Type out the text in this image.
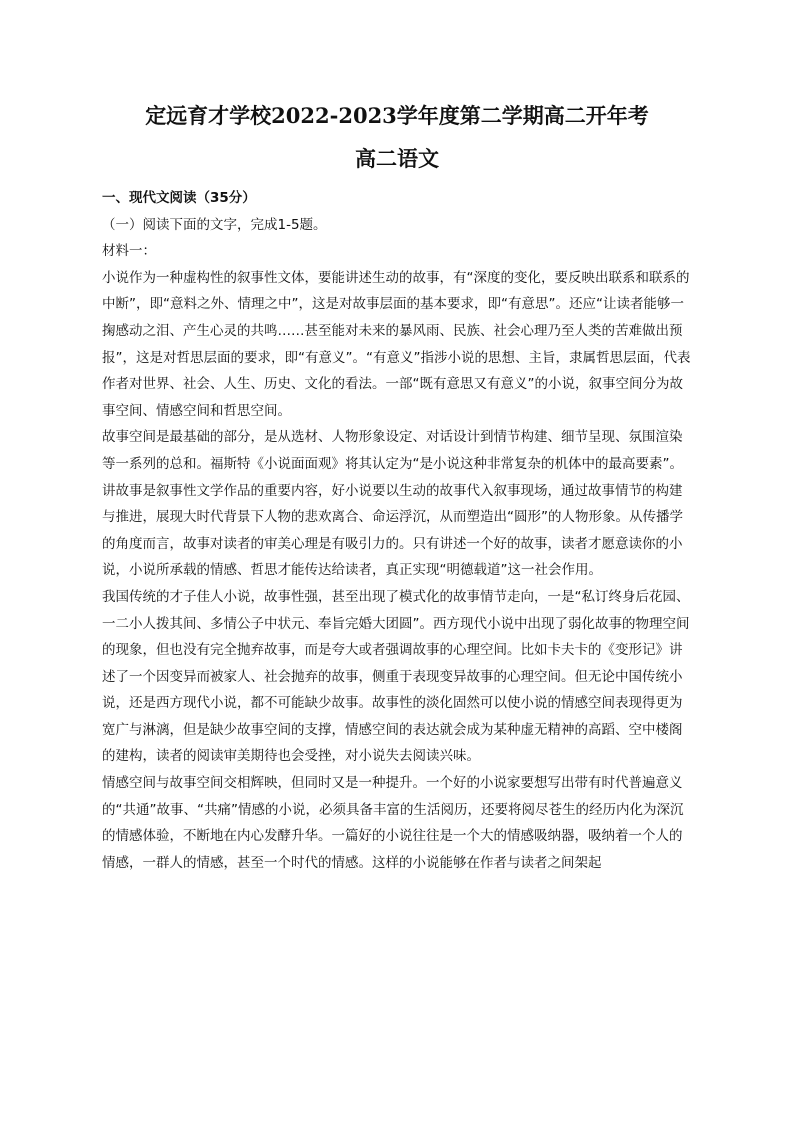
定远育才学校2022-2023学年度第二学期高二开年考
高二语文

一、现代文阅读（35分）

（一）阅读下面的文字，完成1-5题。

材料一：

小说作为一种虚构性的叙事性文体，要能讲述生动的故事，有“深度的变化，要反映出联系和联系的中断”，即“意料之外、情理之中”，这是对故事层面的基本要求，即“有意思”。还应“让读者能够一掬感动之泪、产生心灵的共鸣……甚至能对未来的暴风雨、民族、社会心理乃至人类的苦难做出预报”，这是对哲思层面的要求，即“有意义”。“有意义”指涉小说的思想、主旨，隶属哲思层面，代表作者对世界、社会、人生、历史、文化的看法。一部“既有意思又有意义”的小说，叙事空间分为故事空间、情感空间和哲思空间。

故事空间是最基础的部分，是从选材、人物形象设定、对话设计到情节构建、细节呈现、氛围渲染等一系列的总和。福斯特《小说面面观》将其认定为“是小说这种非常复杂的机体中的最高要素”。讲故事是叙事性文学作品的重要内容，好小说要以生动的故事代入叙事现场，通过故事情节的构建与推进，展现大时代背景下人物的悲欢离合、命运浮沉，从而塑造出“圆形”的人物形象。从传播学的角度而言，故事对读者的审美心理是有吸引力的。只有讲述一个好的故事，读者才愿意读你的小说，小说所承载的情感、哲思才能传达给读者，真正实现“明德载道”这一社会作用。

我国传统的才子佳人小说，故事性强，甚至出现了模式化的故事情节走向，一是“私订终身后花园、一二小人拨其间、多情公子中状元、奉旨完婚大团圆”。西方现代小说中出现了弱化故事的物理空间的现象，但也没有完全抛弃故事，而是夸大或者强调故事的心理空间。比如卡夫卡的《变形记》讲述了一个因变异而被家人、社会抛弃的故事，侧重于表现变异故事的心理空间。但无论中国传统小说，还是西方现代小说，都不可能缺少故事。故事性的淡化固然可以使小说的情感空间表现得更为宽广与淋漓，但是缺少故事空间的支撑，情感空间的表达就会成为某种虚无精神的高蹈、空中楼阁的建构，读者的阅读审美期待也会受挫，对小说失去阅读兴味。

情感空间与故事空间交相辉映，但同时又是一种提升。一个好的小说家要想写出带有时代普遍意义的“共通”故事、“共痛”情感的小说，必须具备丰富的生活阅历，还要将阅尽苍生的经历内化为深沉的情感体验，不断地在内心发酵升华。一篇好的小说往往是一个大的情感吸纳器，吸纳着一个人的情感，一群人的情感，甚至一个时代的情感。这样的小说能够在作者与读者之间架起
